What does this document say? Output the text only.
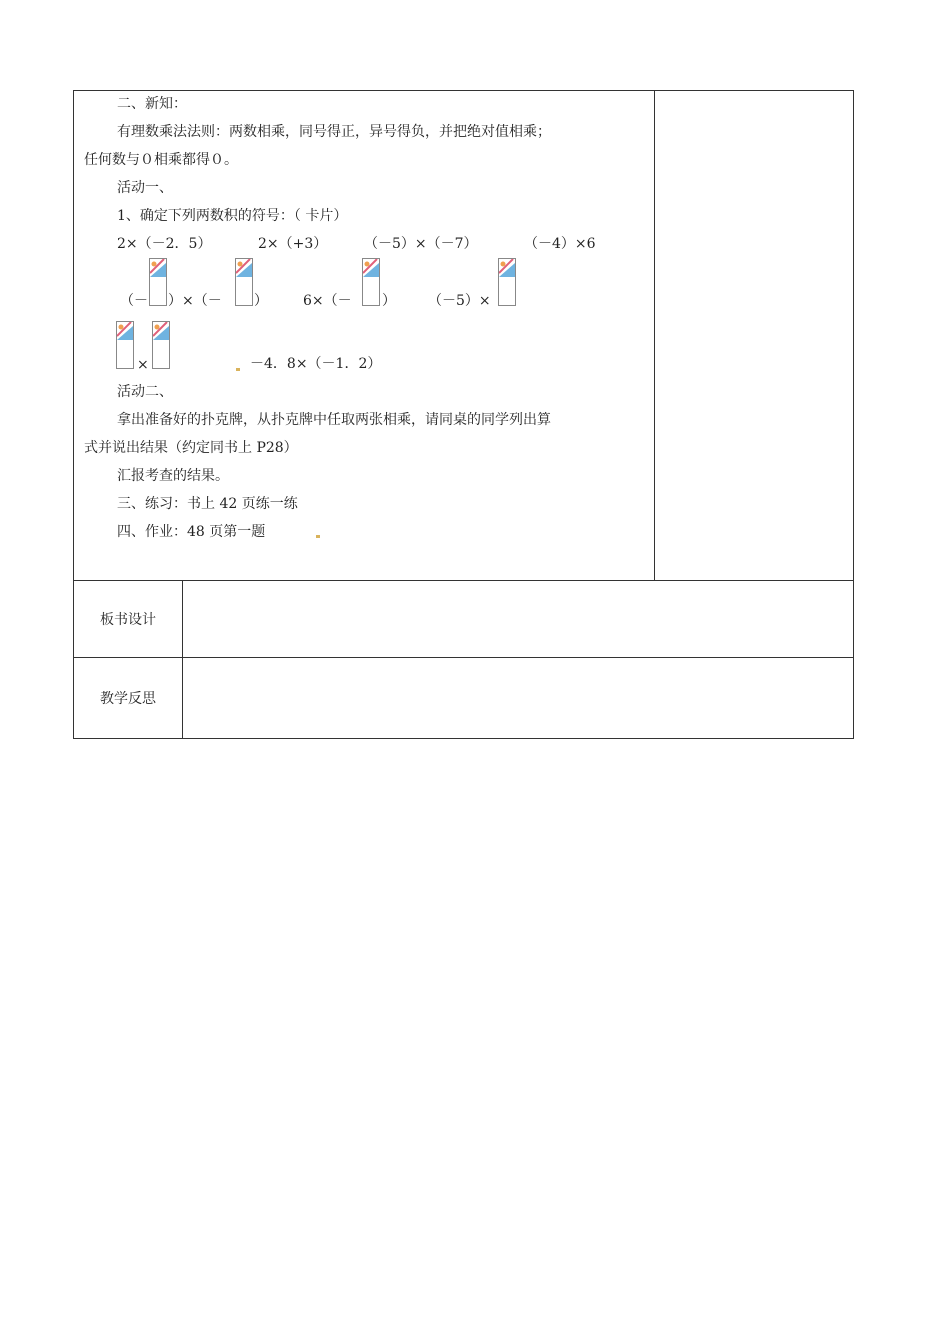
二、新知：
有理数乘法法则：两数相乘，同号得正，异号得负，并把绝对值相乘；
任何数与０相乘都得０。
活动一、
1、确定下列两数积的符号：（ 卡片）
2×（－2．5）	2×（+3）	（－5）×（－7）	（－4）×6
（－ ）×（－ ）	6×（－ ） （－5）×
×	－4．8×（－1．2）
活动二、
拿出准备好的扑克牌，从扑克牌中任取两张相乘，请同桌的同学列出算
式并说出结果（约定同书上 P28）
汇报考查的结果。
三、练习：书上 42 页练一练
四、作业：48 页第一题
板书设计
教学反思
